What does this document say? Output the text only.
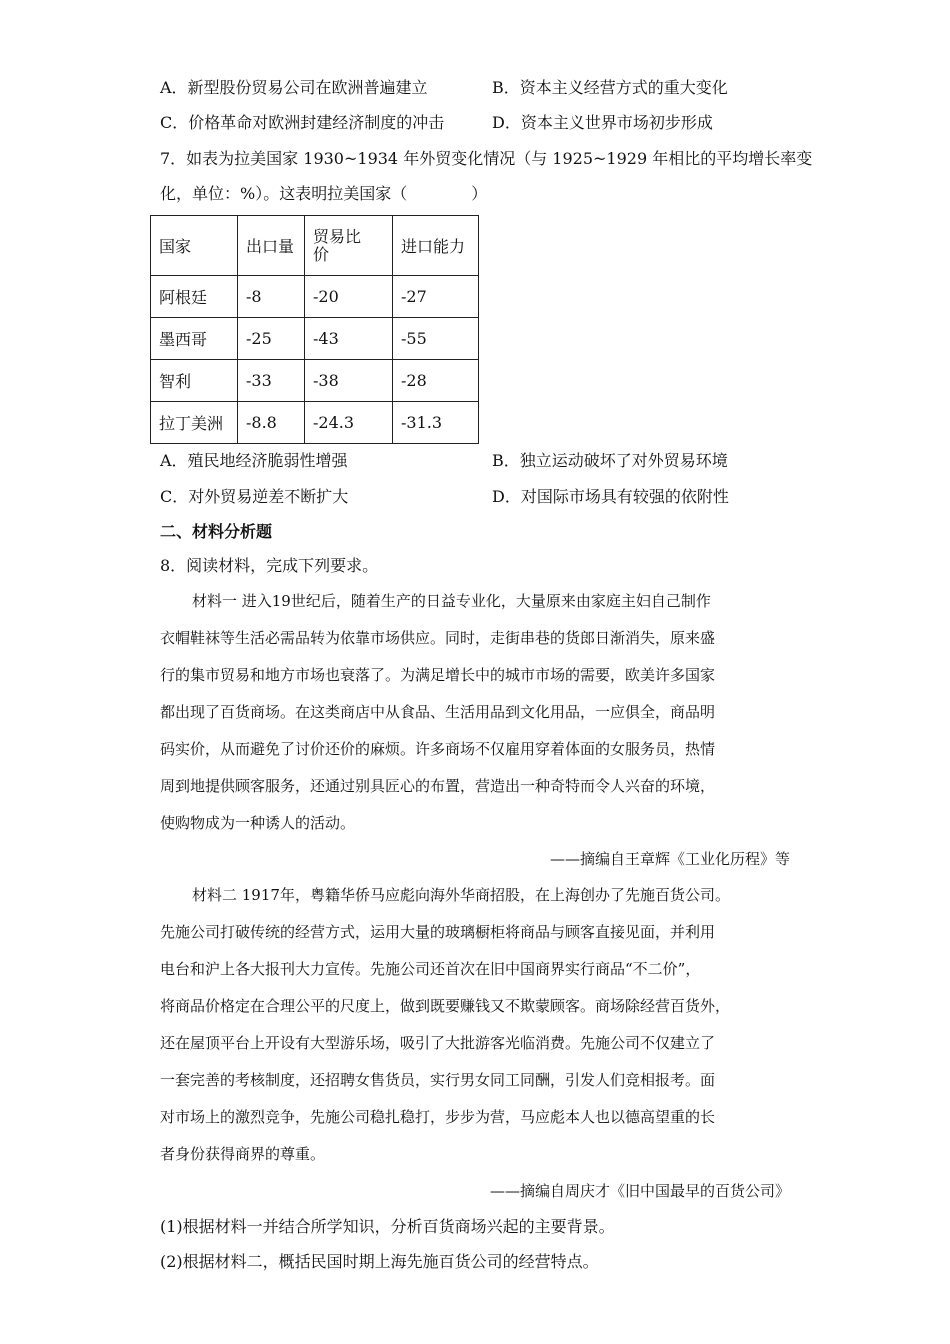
A．新型股份贸易公司在欧洲普遍建立	B．资本主义经营方式的重大变化
C．价格革命对欧洲封建经济制度的冲击	D．资本主义世界市场初步形成
7．如表为拉美国家 1930~1934 年外贸变化情况（与 1925~1929 年相比的平均增长率变
化，单位：%）。这表明拉美国家（　　　　）
国家	出口量	贸易比价	进口能力
阿根廷	-8	-20	-27
墨西哥	-25	-43	-55
智利	-33	-38	-28
拉丁美洲	-8.8	-24.3	-31.3
A．殖民地经济脆弱性增强	B．独立运动破坏了对外贸易环境
C．对外贸易逆差不断扩大	D．对国际市场具有较强的依附性
二、材料分析题
8．阅读材料，完成下列要求。
材料一 进入19世纪后，随着生产的日益专业化，大量原来由家庭主妇自己制作
衣帽鞋袜等生活必需品转为依靠市场供应。同时，走街串巷的货郎日渐消失，原来盛
行的集市贸易和地方市场也衰落了。为满足增长中的城市市场的需要，欧美许多国家
都出现了百货商场。在这类商店中从食品、生活用品到文化用品，一应俱全，商品明
码实价，从而避免了讨价还价的麻烦。许多商场不仅雇用穿着体面的女服务员，热情
周到地提供顾客服务，还通过别具匠心的布置，营造出一种奇特而令人兴奋的环境，
使购物成为一种诱人的活动。
——摘编自王章辉《工业化历程》等
材料二 1917年，粤籍华侨马应彪向海外华商招股，在上海创办了先施百货公司。
先施公司打破传统的经营方式，运用大量的玻璃橱柜将商品与顾客直接见面，并利用
电台和沪上各大报刊大力宣传。先施公司还首次在旧中国商界实行商品“不二价”，
将商品价格定在合理公平的尺度上，做到既要赚钱又不欺蒙顾客。商场除经营百货外，
还在屋顶平台上开设有大型游乐场，吸引了大批游客光临消费。先施公司不仅建立了
一套完善的考核制度，还招聘女售货员，实行男女同工同酬，引发人们竞相报考。面
对市场上的激烈竞争，先施公司稳扎稳打，步步为营，马应彪本人也以德高望重的长
者身份获得商界的尊重。
——摘编自周庆才《旧中国最早的百货公司》
(1)根据材料一并结合所学知识，分析百货商场兴起的主要背景。
(2)根据材料二，概括民国时期上海先施百货公司的经营特点。
